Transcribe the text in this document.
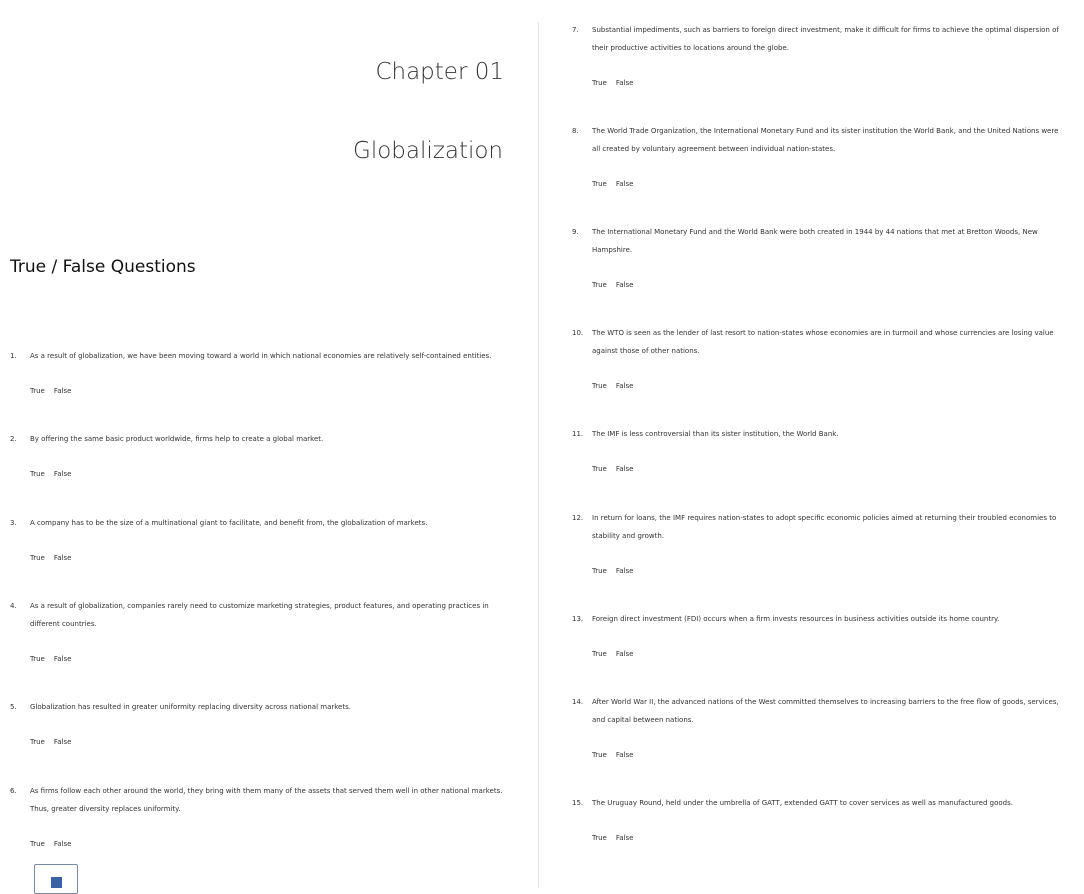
Chapter 01
Globalization
True / False Questions
1. As a result of globalization, we have been moving toward a world in which national economies are relatively self-contained entities.
True False
2. By offering the same basic product worldwide, firms help to create a global market.
True False
3. A company has to be the size of a multinational giant to facilitate, and benefit from, the globalization of markets.
True False
4. As a result of globalization, companies rarely need to customize marketing strategies, product features, and operating practices in different countries.
True False
5. Globalization has resulted in greater uniformity replacing diversity across national markets.
True False
6. As firms follow each other around the world, they bring with them many of the assets that served them well in other national markets. Thus, greater diversity replaces uniformity.
True False
7. Substantial impediments, such as barriers to foreign direct investment, make it difficult for firms to achieve the optimal dispersion of their productive activities to locations around the globe.
True False
8. The World Trade Organization, the International Monetary Fund and its sister institution the World Bank, and the United Nations were all created by voluntary agreement between individual nation-states.
True False
9. The International Monetary Fund and the World Bank were both created in 1944 by 44 nations that met at Bretton Woods, New Hampshire.
True False
10. The WTO is seen as the lender of last resort to nation-states whose economies are in turmoil and whose currencies are losing value against those of other nations.
True False
11. The IMF is less controversial than its sister institution, the World Bank.
True False
12. In return for loans, the IMF requires nation-states to adopt specific economic policies aimed at returning their troubled economies to stability and growth.
True False
13. Foreign direct investment (FDI) occurs when a firm invests resources in business activities outside its home country.
True False
14. After World War II, the advanced nations of the West committed themselves to increasing barriers to the free flow of goods, services, and capital between nations.
True False
15. The Uruguay Round, held under the umbrella of GATT, extended GATT to cover services as well as manufactured goods.
True False
